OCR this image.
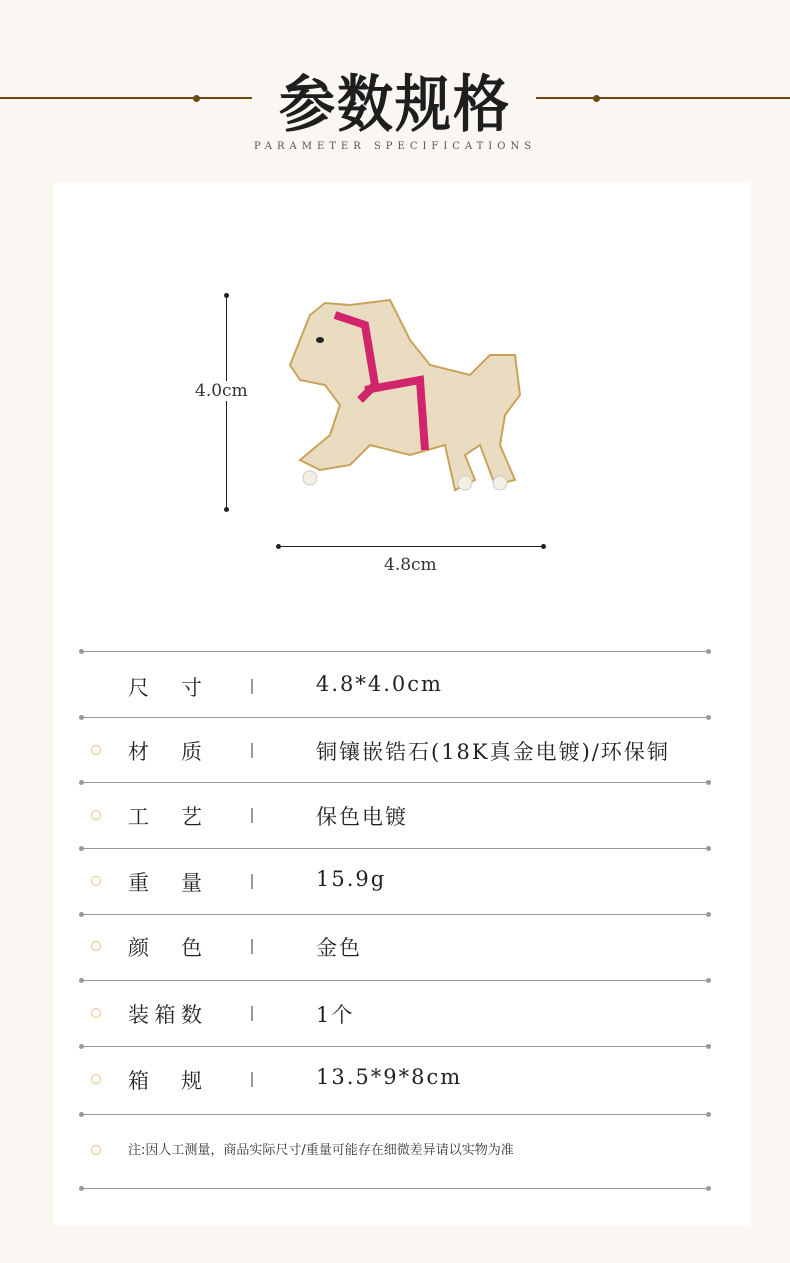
参数规格
PARAMETER SPECIFICATIONS
4.0cm
4.8cm
尺 寸	4.8*4.0cm
材 质	铜镶嵌锆石(18K真金电镀)/环保铜
工 艺	保色电镀
重 量	15.9g
颜 色	金色
装 箱 数	1个
箱 规	13.5*9*8cm
注:因人工测量，商品实际尺寸/重量可能存在细微差异请以实物为准
